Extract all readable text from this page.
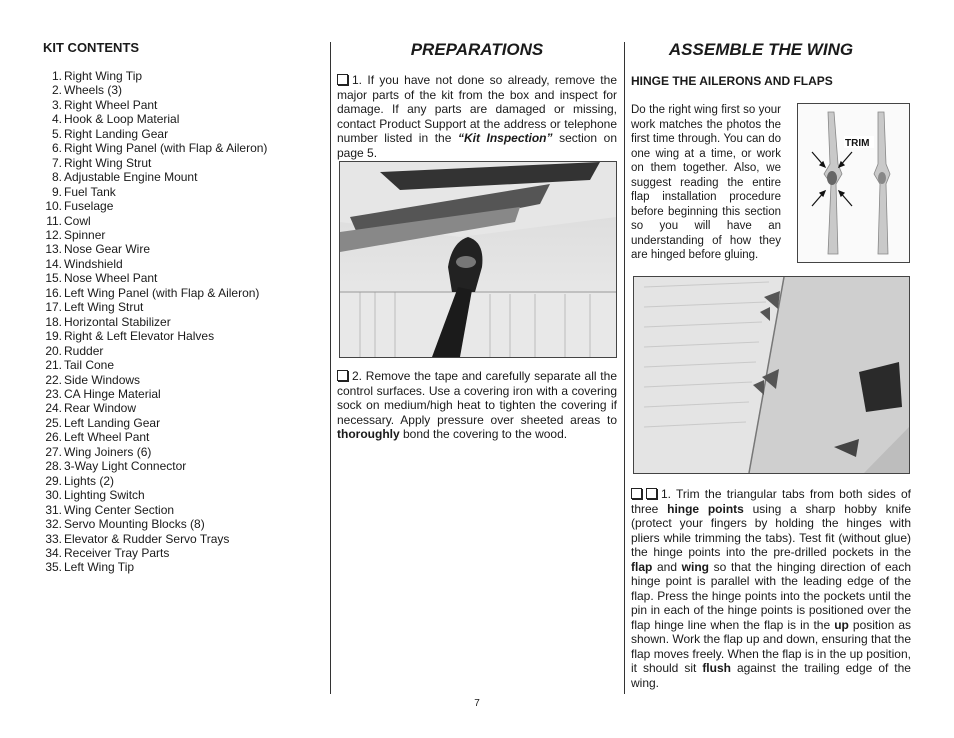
KIT CONTENTS
1. Right Wing Tip
2. Wheels (3)
3. Right Wheel Pant
4. Hook & Loop Material
5. Right Landing Gear
6. Right Wing Panel (with Flap & Aileron)
7. Right Wing Strut
8. Adjustable Engine Mount
9. Fuel Tank
10. Fuselage
11. Cowl
12. Spinner
13. Nose Gear Wire
14. Windshield
15. Nose Wheel Pant
16. Left Wing Panel (with Flap & Aileron)
17. Left Wing Strut
18. Horizontal Stabilizer
19. Right & Left Elevator Halves
20. Rudder
21. Tail Cone
22. Side Windows
23. CA Hinge Material
24. Rear Window
25. Left Landing Gear
26. Left Wheel Pant
27. Wing Joiners (6)
28. 3-Way Light Connector
29. Lights (2)
30. Lighting Switch
31. Wing Center Section
32. Servo Mounting Blocks (8)
33. Elevator & Rudder Servo Trays
34. Receiver Tray Parts
35. Left Wing Tip
PREPARATIONS

1. If you have not done so already, remove the major parts of the kit from the box and inspect for damage. If any parts are damaged or missing, contact Product Support at the address or telephone number listed in the “Kit Inspection” section on page 5.

2. Remove the tape and carefully separate all the control surfaces. Use a covering iron with a covering sock on medium/high heat to tighten the covering if necessary. Apply pressure over sheeted areas to thoroughly bond the covering to the wood.

ASSEMBLE THE WING
HINGE THE AILERONS AND FLAPS

Do the right wing first so your work matches the photos the first time through. You can do one wing at a time, or work on them together. Also, we suggest reading the entire flap installation procedure before beginning this section so you will have an understanding of how they are hinged before gluing.

TRIM

1. Trim the triangular tabs from both sides of three hinge points using a sharp hobby knife (protect your fingers by holding the hinges with pliers while trimming the tabs). Test fit (without glue) the hinge points into the pre-drilled pockets in the flap and wing so that the hinging direction of each hinge point is parallel with the leading edge of the flap. Press the hinge points into the pockets until the pin in each of the hinge points is positioned over the flap hinge line when the flap is in the up position as shown. Work the flap up and down, ensuring that the flap moves freely. When the flap is in the up position, it should sit flush against the trailing edge of the wing.

7
